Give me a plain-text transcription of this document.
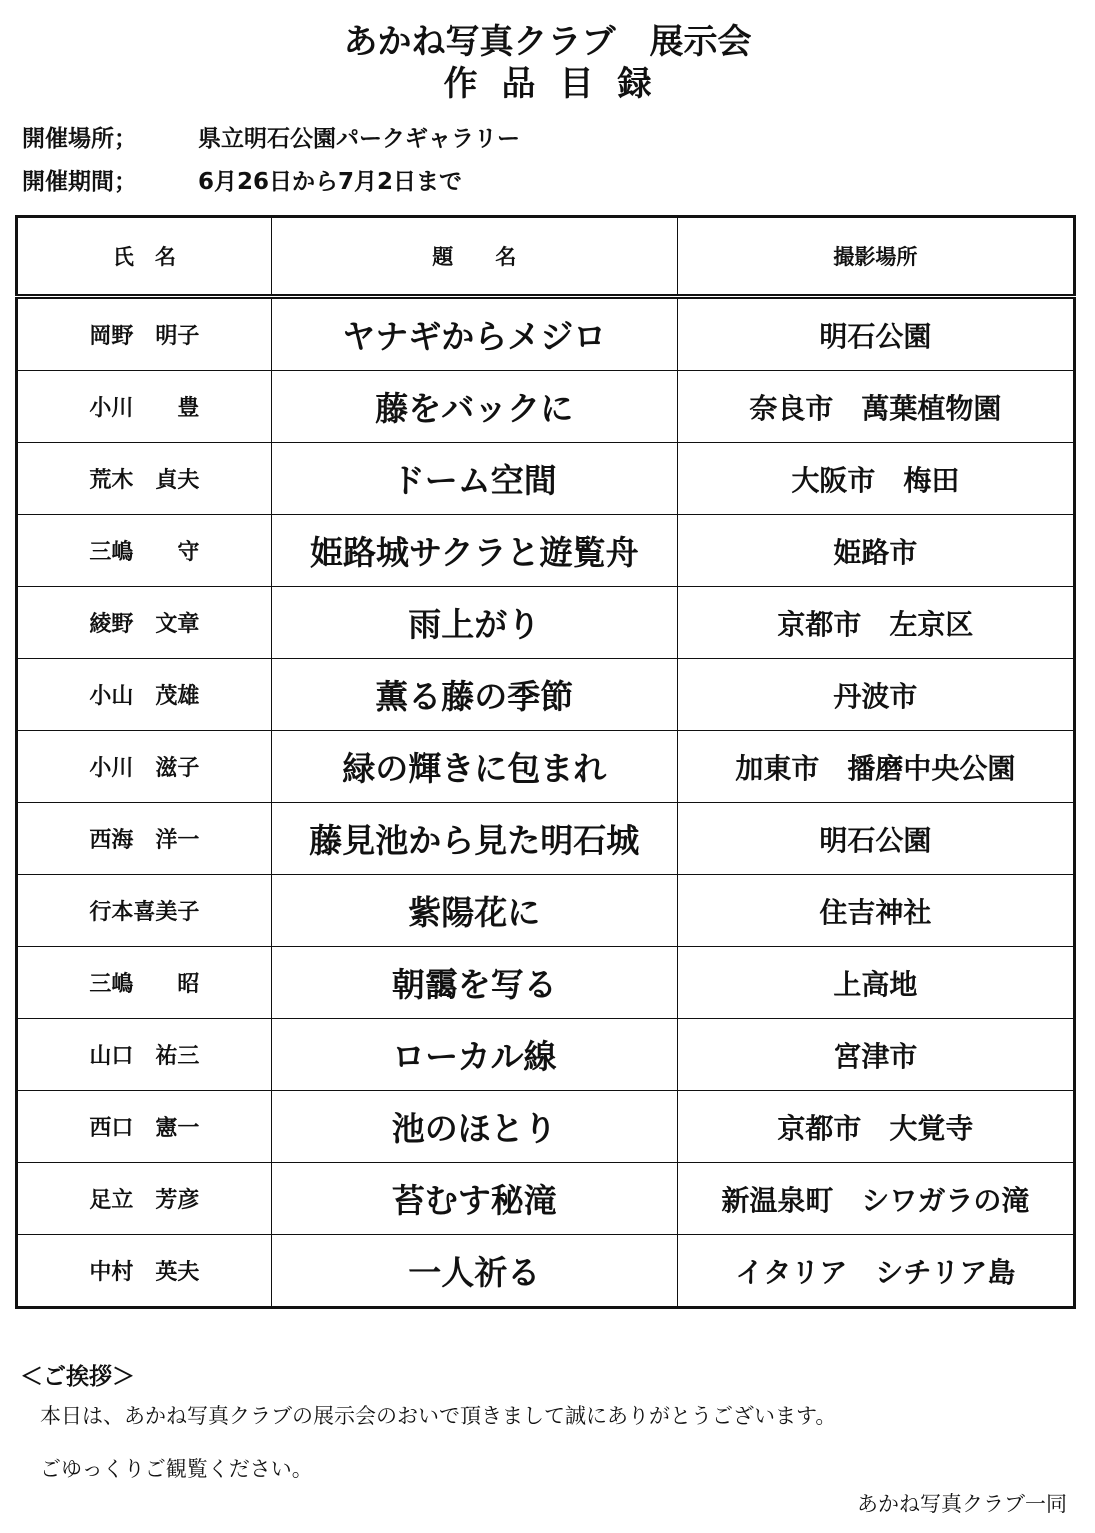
あかね写真クラブ　展示会
作品目録
開催場所；	県立明石公園パークギャラリー
開催期間；	6月26日から7月2日まで
氏　名	題　　名	撮影場所
岡野　明子	ヤナギからメジロ	明石公園
小川　　豊	藤をバックに	奈良市　萬葉植物園
荒木　貞夫	ドーム空間	大阪市　梅田
三嶋　　守	姫路城サクラと遊覧舟	姫路市
綾野　文章	雨上がり	京都市　左京区
小山　茂雄	薫る藤の季節	丹波市
小川　滋子	緑の輝きに包まれ	加東市　播磨中央公園
西海　洋一	藤見池から見た明石城	明石公園
行本喜美子	紫陽花に	住吉神社
三嶋　　昭	朝靄を写る	上高地
山口　祐三	ローカル線	宮津市
西口　憲一	池のほとり	京都市　大覚寺
足立　芳彦	苔むす秘滝	新温泉町　シワガラの滝
中村　英夫	一人祈る	イタリア　シチリア島
＜ご挨拶＞
本日は、あかね写真クラブの展示会のおいで頂きまして誠にありがとうございます。
ごゆっくりご観覧ください。
あかね写真クラブ一同
